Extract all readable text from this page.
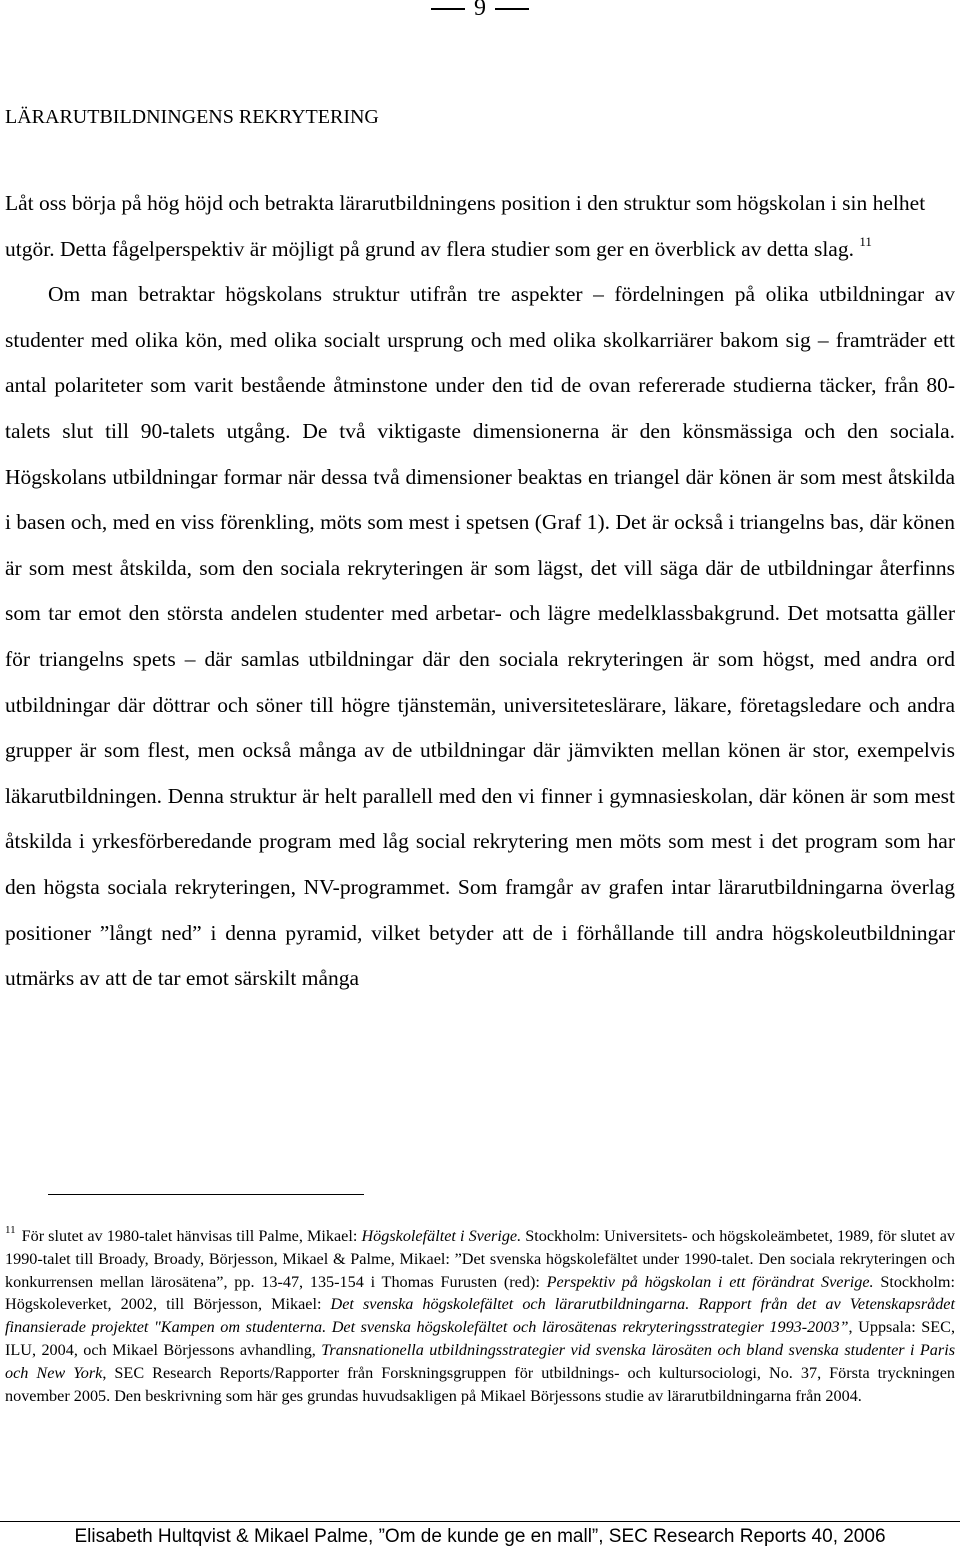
9
LÄRARUTBILDNINGENS REKRYTERING

Låt oss börja på hög höjd och betrakta lärarutbildningens position i den struktur som högskolan i sin helhet utgör. Detta fågelperspektiv är möjligt på grund av flera studier som ger en överblick av detta slag. $^{11}$

Om man betraktar högskolans struktur utifrån tre aspekter – fördelningen på olika utbildningar av studenter med olika kön, med olika socialt ursprung och med olika skolkarriärer bakom sig – framträder ett antal polariteter som varit bestående åtminstone under den tid de ovan refererade studierna täcker, från 80-talets slut till 90-talets utgång. De två viktigaste dimensionerna är den könsmässiga och den sociala. Högskolans utbildningar formar när dessa två dimensioner beaktas en triangel där könen är som mest åtskilda i basen och, med en viss förenkling, möts som mest i spetsen (Graf 1). Det är också i triangelns bas, där könen är som mest åtskilda, som den sociala rekryteringen är som lägst, det vill säga där de utbildningar återfinns som tar emot den största andelen studenter med arbetar- och lägre medelklassbakgrund. Det motsatta gäller för triangelns spets – där samlas utbildningar där den sociala rekryteringen är som högst, med andra ord utbildningar där döttrar och söner till högre tjänstemän, universiteteslärare, läkare, företagsledare och andra grupper är som flest, men också många av de utbildningar där jämvikten mellan könen är stor, exempelvis läkarutbildningen. Denna struktur är helt parallell med den vi finner i gymnasieskolan, där könen är som mest åtskilda i yrkesförberedande program med låg social rekrytering men möts som mest i det program som har den högsta sociala rekryteringen, NV-programmet. Som framgår av grafen intar lärarutbildningarna överlag positioner ”långt ned” i denna pyramid, vilket betyder att de i förhållande till andra högskoleutbildningar utmärks av att de tar emot särskilt många

$^{11}$ För slutet av 1980-talet hänvisas till Palme, Mikael: Högskolefältet i Sverige. Stockholm: Universitets- och högskoleämbetet, 1989, för slutet av 1990-talet till Broady, Broady, Börjesson, Mikael & Palme, Mikael: ”Det svenska högskolefältet under 1990-talet. Den sociala rekryteringen och konkurrensen mellan lärosätena”, pp. 13-47, 135-154 i Thomas Furusten (red): Perspektiv på högskolan i ett förändrat Sverige. Stockholm: Högskoleverket, 2002, till Börjesson, Mikael: Det svenska högskolefältet och lärarutbildningarna. Rapport från det av Vetenskapsrådet finansierade projektet "Kampen om studenterna. Det svenska högskolefältet och lärosätenas rekryteringsstrategier 1993-2003”, Uppsala: SEC, ILU, 2004, och Mikael Börjessons avhandling, Transnationella utbildningsstrategier vid svenska lärosäten och bland svenska studenter i Paris och New York, SEC Research Reports/Rapporter från Forskningsgruppen för utbildnings- och kultursociologi, No. 37, Första tryckningen november 2005. Den beskrivning som här ges grundas huvudsakligen på Mikael Börjessons studie av lärarutbildningarna från 2004.
Elisabeth Hultqvist & Mikael Palme, ”Om de kunde ge en mall”, SEC Research Reports 40, 2006
